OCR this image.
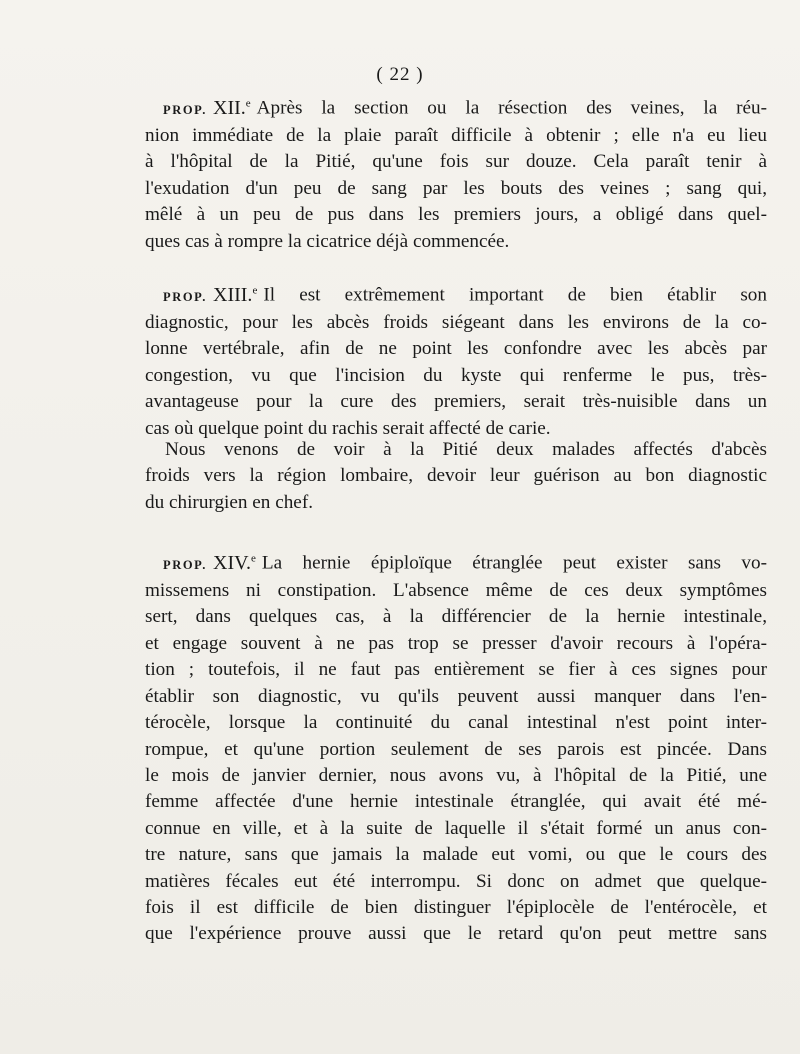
( 22 )
PROP. XII.$^e$ Après la section ou la résection des veines, la réu-
nion immédiate de la plaie paraît difficile à obtenir ; elle n'a eu lieu
à l'hôpital de la Pitié, qu'une fois sur douze. Cela paraît tenir à
l'exudation d'un peu de sang par les bouts des veines ; sang qui,
mêlé à un peu de pus dans les premiers jours, a obligé dans quel-
ques cas à rompre la cicatrice déjà commencée.
PROP. XIII.$^e$ Il est extrêmement important de bien établir son
diagnostic, pour les abcès froids siégeant dans les environs de la co-
lonne vertébrale, afin de ne point les confondre avec les abcès par
congestion, vu que l'incision du kyste qui renferme le pus, très-
avantageuse pour la cure des premiers, serait très-nuisible dans un
cas où quelque point du rachis serait affecté de carie.
Nous venons de voir à la Pitié deux malades affectés d'abcès
froids vers la région lombaire, devoir leur guérison au bon diagnostic
du chirurgien en chef.
PROP. XIV.$^e$ La hernie épiploïque étranglée peut exister sans vo-
missemens ni constipation. L'absence même de ces deux symptômes
sert, dans quelques cas, à la différencier de la hernie intestinale,
et engage souvent à ne pas trop se presser d'avoir recours à l'opéra-
tion ; toutefois, il ne faut pas entièrement se fier à ces signes pour
établir son diagnostic, vu qu'ils peuvent aussi manquer dans l'en-
térocèle, lorsque la continuité du canal intestinal n'est point inter-
rompue, et qu'une portion seulement de ses parois est pincée. Dans
le mois de janvier dernier, nous avons vu, à l'hôpital de la Pitié, une
femme affectée d'une hernie intestinale étranglée, qui avait été mé-
connue en ville, et à la suite de laquelle il s'était formé un anus con-
tre nature, sans que jamais la malade eut vomi, ou que le cours des
matières fécales eut été interrompu. Si donc on admet que quelque-
fois il est difficile de bien distinguer l'épiplocèle de l'entérocèle, et
que l'expérience prouve aussi que le retard qu'on peut mettre sans
